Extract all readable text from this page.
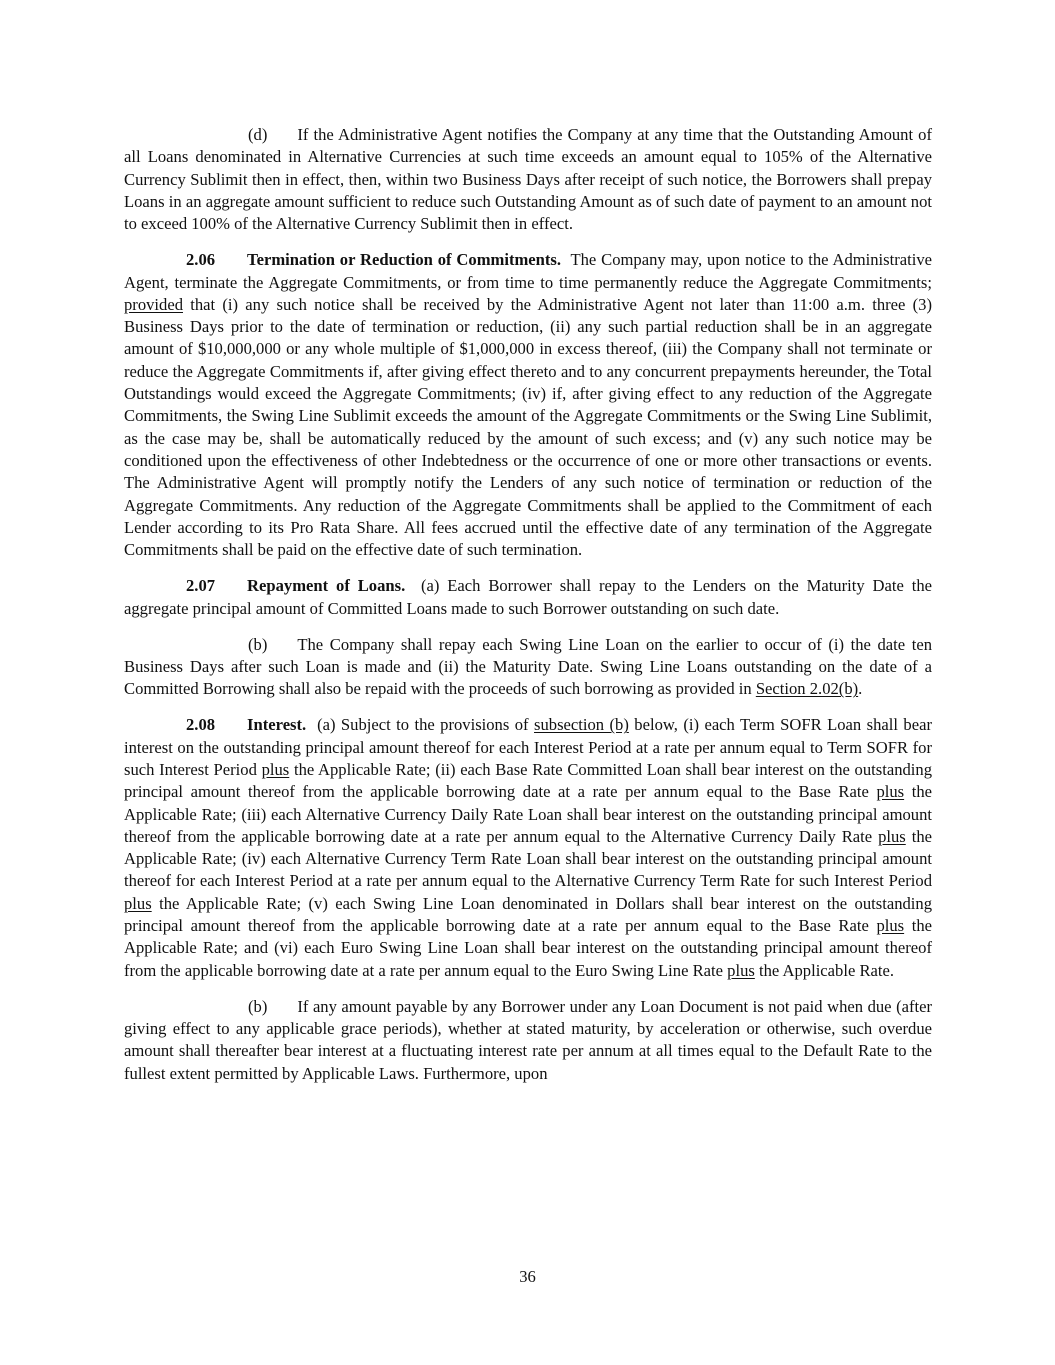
(d) If the Administrative Agent notifies the Company at any time that the Outstanding Amount of all Loans denominated in Alternative Currencies at such time exceeds an amount equal to 105% of the Alternative Currency Sublimit then in effect, then, within two Business Days after receipt of such notice, the Borrowers shall prepay Loans in an aggregate amount sufficient to reduce such Outstanding Amount as of such date of payment to an amount not to exceed 100% of the Alternative Currency Sublimit then in effect.

2.06 Termination or Reduction of Commitments. The Company may, upon notice to the Administrative Agent, terminate the Aggregate Commitments, or from time to time permanently reduce the Aggregate Commitments; provided that (i) any such notice shall be received by the Administrative Agent not later than 11:00 a.m. three (3) Business Days prior to the date of termination or reduction, (ii) any such partial reduction shall be in an aggregate amount of $10,000,000 or any whole multiple of $1,000,000 in excess thereof, (iii) the Company shall not terminate or reduce the Aggregate Commitments if, after giving effect thereto and to any concurrent prepayments hereunder, the Total Outstandings would exceed the Aggregate Commitments; (iv) if, after giving effect to any reduction of the Aggregate Commitments, the Swing Line Sublimit exceeds the amount of the Aggregate Commitments or the Swing Line Sublimit, as the case may be, shall be automatically reduced by the amount of such excess; and (v) any such notice may be conditioned upon the effectiveness of other Indebtedness or the occurrence of one or more other transactions or events. The Administrative Agent will promptly notify the Lenders of any such notice of termination or reduction of the Aggregate Commitments. Any reduction of the Aggregate Commitments shall be applied to the Commitment of each Lender according to its Pro Rata Share. All fees accrued until the effective date of any termination of the Aggregate Commitments shall be paid on the effective date of such termination.

2.07 Repayment of Loans. (a) Each Borrower shall repay to the Lenders on the Maturity Date the aggregate principal amount of Committed Loans made to such Borrower outstanding on such date.

(b) The Company shall repay each Swing Line Loan on the earlier to occur of (i) the date ten Business Days after such Loan is made and (ii) the Maturity Date. Swing Line Loans outstanding on the date of a Committed Borrowing shall also be repaid with the proceeds of such borrowing as provided in Section 2.02(b).

2.08 Interest. (a) Subject to the provisions of subsection (b) below, (i) each Term SOFR Loan shall bear interest on the outstanding principal amount thereof for each Interest Period at a rate per annum equal to Term SOFR for such Interest Period plus the Applicable Rate; (ii) each Base Rate Committed Loan shall bear interest on the outstanding principal amount thereof from the applicable borrowing date at a rate per annum equal to the Base Rate plus the Applicable Rate; (iii) each Alternative Currency Daily Rate Loan shall bear interest on the outstanding principal amount thereof from the applicable borrowing date at a rate per annum equal to the Alternative Currency Daily Rate plus the Applicable Rate; (iv) each Alternative Currency Term Rate Loan shall bear interest on the outstanding principal amount thereof for each Interest Period at a rate per annum equal to the Alternative Currency Term Rate for such Interest Period plus the Applicable Rate; (v) each Swing Line Loan denominated in Dollars shall bear interest on the outstanding principal amount thereof from the applicable borrowing date at a rate per annum equal to the Base Rate plus the Applicable Rate; and (vi) each Euro Swing Line Loan shall bear interest on the outstanding principal amount thereof from the applicable borrowing date at a rate per annum equal to the Euro Swing Line Rate plus the Applicable Rate.

(b) If any amount payable by any Borrower under any Loan Document is not paid when due (after giving effect to any applicable grace periods), whether at stated maturity, by acceleration or otherwise, such overdue amount shall thereafter bear interest at a fluctuating interest rate per annum at all times equal to the Default Rate to the fullest extent permitted by Applicable Laws. Furthermore, upon

36
